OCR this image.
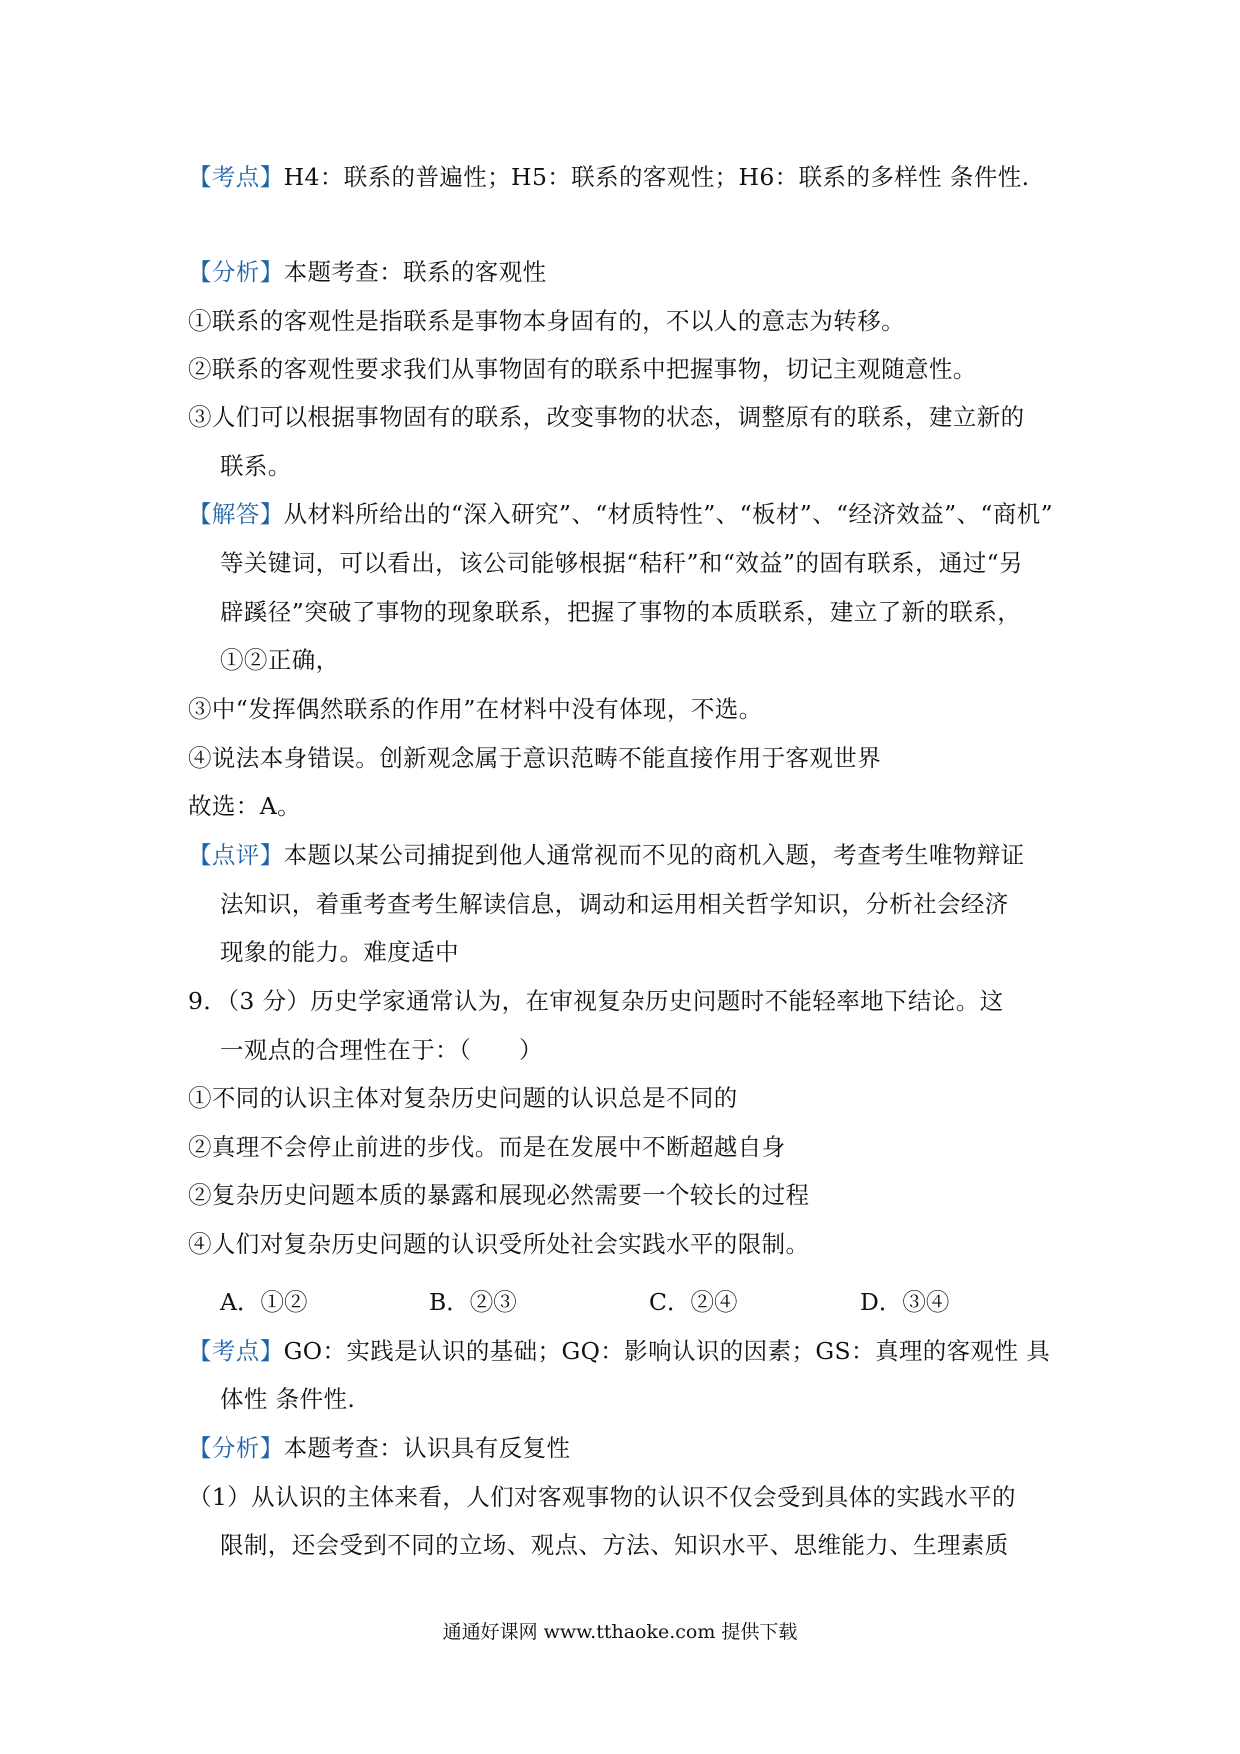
【考点】H4：联系的普遍性；H5：联系的客观性；H6：联系的多样性 条件性.
【分析】本题考查：联系的客观性
①联系的客观性是指联系是事物本身固有的，不以人的意志为转移。
②联系的客观性要求我们从事物固有的联系中把握事物，切记主观随意性。
③人们可以根据事物固有的联系，改变事物的状态，调整原有的联系，建立新的
联系。
【解答】从材料所给出的“深入研究”、“材质特性”、“板材”、“经济效益”、“商机”
等关键词，可以看出，该公司能够根据“秸秆”和“效益”的固有联系，通过“另
辟蹊径”突破了事物的现象联系，把握了事物的本质联系，建立了新的联系，
①②正确，
③中“发挥偶然联系的作用”在材料中没有体现，不选。
④说法本身错误。创新观念属于意识范畴不能直接作用于客观世界
故选：A。
【点评】本题以某公司捕捉到他人通常视而不见的商机入题，考查考生唯物辩证
法知识，着重考查考生解读信息，调动和运用相关哲学知识，分析社会经济
现象的能力。难度适中
9．（3 分）历史学家通常认为，在审视复杂历史问题时不能轻率地下结论。这
一观点的合理性在于：（　　）
①不同的认识主体对复杂历史问题的认识总是不同的
②真理不会停止前进的步伐。而是在发展中不断超越自身
②复杂历史问题本质的暴露和展现必然需要一个较长的过程
④人们对复杂历史问题的认识受所处社会实践水平的限制。
A．①②	B．②③	C．②④	D．③④
【考点】GO：实践是认识的基础；GQ：影响认识的因素；GS：真理的客观性 具
体性 条件性.
【分析】本题考查：认识具有反复性
（1）从认识的主体来看，人们对客观事物的认识不仅会受到具体的实践水平的
限制，还会受到不同的立场、观点、方法、知识水平、思维能力、生理素质
通通好课网 www.tthaoke.com 提供下载
